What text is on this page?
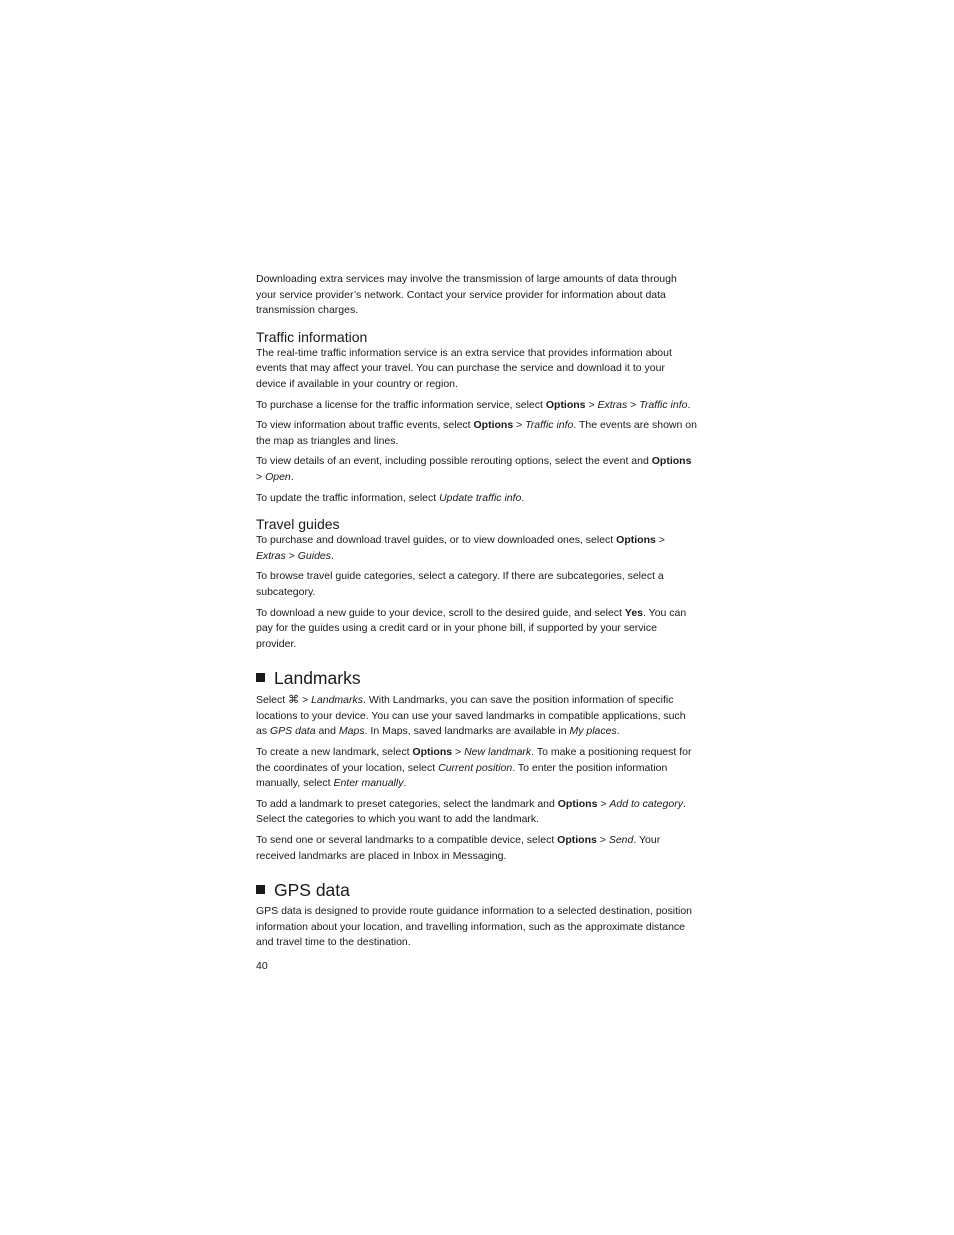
Downloading extra services may involve the transmission of large amounts of data through your service provider’s network. Contact your service provider for information about data transmission charges.

Traffic information

The real-time traffic information service is an extra service that provides information about events that may affect your travel. You can purchase the service and download it to your device if available in your country or region.

To purchase a license for the traffic information service, select Options > Extras > Traffic info.

To view information about traffic events, select Options > Traffic info. The events are shown on the map as triangles and lines.

To view details of an event, including possible rerouting options, select the event and Options > Open.

To update the traffic information, select Update traffic info.

Travel guides

To purchase and download travel guides, or to view downloaded ones, select Options >
Extras > Guides.

To browse travel guide categories, select a category. If there are subcategories, select a subcategory.

To download a new guide to your device, scroll to the desired guide, and select Yes. You can pay for the guides using a credit card or in your phone bill, if supported by your service provider.

Landmarks

Select ⌘ > Landmarks. With Landmarks, you can save the position information of specific locations to your device. You can use your saved landmarks in compatible applications, such as GPS data and Maps. In Maps, saved landmarks are available in My places.

To create a new landmark, select Options > New landmark. To make a positioning request for the coordinates of your location, select Current position. To enter the position information manually, select Enter manually.

To add a landmark to preset categories, select the landmark and Options > Add to category. Select the categories to which you want to add the landmark.

To send one or several landmarks to a compatible device, select Options > Send. Your received landmarks are placed in Inbox in Messaging.

GPS data

GPS data is designed to provide route guidance information to a selected destination, position information about your location, and travelling information, such as the approximate distance and travel time to the destination.

40
